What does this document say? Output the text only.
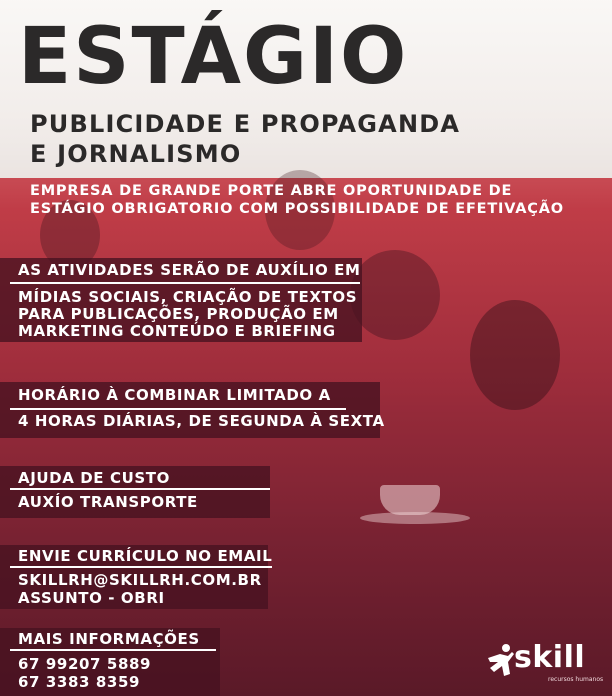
ESTÁGIO

PUBLICIDADE E PROPAGANDA

E JORNALISMO

EMPRESA DE GRANDE PORTE ABRE OPORTUNIDADE DE

ESTÁGIO OBRIGATORIO COM POSSIBILIDADE DE EFETIVAÇÃO

AS ATIVIDADES SERÃO DE AUXÍLIO EM

MÍDIAS SOCIAIS, CRIAÇÃO DE TEXTOS

PARA PUBLICAÇÕES, PRODUÇÃO EM

MARKETING CONTEÚDO E BRIEFING

HORÁRIO À COMBINAR LIMITADO A

4 HORAS DIÁRIAS, DE SEGUNDA À SEXTA

AJUDA DE CUSTO

AUXÍO TRANSPORTE

ENVIE CURRÍCULO NO EMAIL

SKILLRH@SKILLRH.COM.BR

ASSUNTO - OBRI

MAIS INFORMAÇÕES

67 99207 5889

67 3383 8359

skill
recursos humanos
